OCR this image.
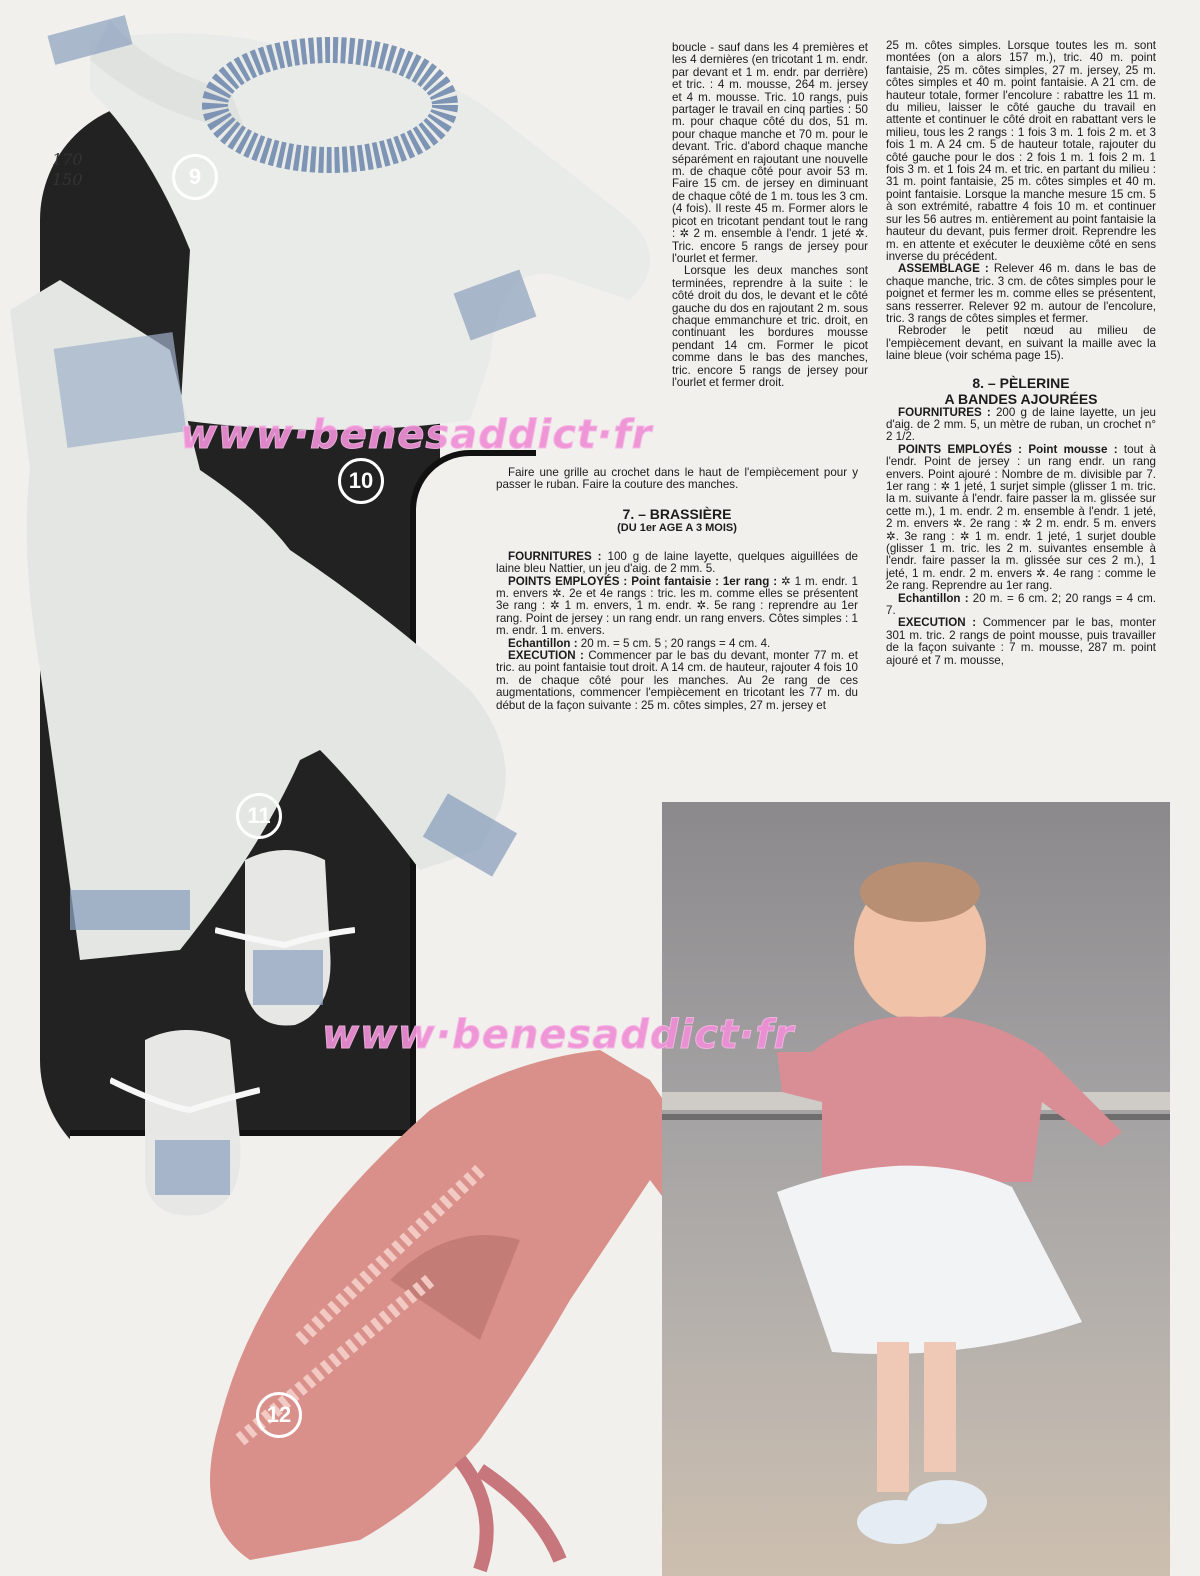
9
10
11
12
170
150
www·benesaddict·fr
www·benesaddict·fr

boucle - sauf dans les 4 premières et les 4 dernières (en tricotant 1 m. endr. par devant et 1 m. endr. par derrière) et tric. : 4 m. mousse, 264 m. jersey et 4 m. mousse. Tric. 10 rangs, puis partager le travail en cinq parties : 50 m. pour chaque côté du dos, 51 m. pour chaque manche et 70 m. pour le devant. Tric. d'abord chaque manche séparément en rajoutant une nouvelle m. de chaque côté pour avoir 53 m. Faire 15 cm. de jersey en diminuant de chaque côté de 1 m. tous les 3 cm. (4 fois). Il reste 45 m. Former alors le picot en tricotant pendant tout le rang : ✲ 2 m. ensemble à l'endr. 1 jeté ✲. Tric. encore 5 rangs de jersey pour l'ourlet et fermer.

Lorsque les deux manches sont terminées, reprendre à la suite : le côté droit du dos, le devant et le côté gauche du dos en rajoutant 2 m. sous chaque emmanchure et tric. droit, en continuant les bordures mousse pendant 14 cm. Former le picot comme dans le bas des manches, tric. encore 5 rangs de jersey pour l'ourlet et fermer droit.

Faire une grille au crochet dans le haut de l'empiècement pour y passer le ruban. Faire la couture des manches.

7. – BRASSIÈRE
(DU 1er AGE A 3 MOIS)

FOURNITURES : 100 g de laine layette, quelques aiguillées de laine bleu Nattier, un jeu d'aig. de 2 mm. 5.

POINTS EMPLOYÉS : Point fantaisie : 1er rang : ✲ 1 m. endr. 1 m. envers ✲. 2e et 4e rangs : tric. les m. comme elles se présentent 3e rang : ✲ 1 m. envers, 1 m. endr. ✲. 5e rang : reprendre au 1er rang. Point de jersey : un rang endr. un rang envers. Côtes simples : 1 m. endr. 1 m. envers.

Echantillon : 20 m. = 5 cm. 5 ; 20 rangs = 4 cm. 4.

EXECUTION : Commencer par le bas du devant, monter 77 m. et tric. au point fantaisie tout droit. A 14 cm. de hauteur, rajouter 4 fois 10 m. de chaque côté pour les manches. Au 2e rang de ces augmentations, commencer l'empiècement en tricotant les 77 m. du début de la façon suivante : 25 m. côtes simples, 27 m. jersey et

25 m. côtes simples. Lorsque toutes les m. sont montées (on a alors 157 m.), tric. 40 m. point fantaisie, 25 m. côtes simples, 27 m. jersey, 25 m. côtes simples et 40 m. point fantaisie. A 21 cm. de hauteur totale, former l'encolure : rabattre les 11 m. du milieu, laisser le côté gauche du travail en attente et continuer le côté droit en rabattant vers le milieu, tous les 2 rangs : 1 fois 3 m. 1 fois 2 m. et 3 fois 1 m. A 24 cm. 5 de hauteur totale, rajouter du côté gauche pour le dos : 2 fois 1 m. 1 fois 2 m. 1 fois 3 m. et 1 fois 24 m. et tric. en partant du milieu : 31 m. point fantaisie, 25 m. côtes simples et 40 m. point fantaisie. Lorsque la manche mesure 15 cm. 5 à son extrémité, rabattre 4 fois 10 m. et continuer sur les 56 autres m. entièrement au point fantaisie la hauteur du devant, puis fermer droit. Reprendre les m. en attente et exécuter le deuxième côté en sens inverse du précédent.

ASSEMBLAGE : Relever 46 m. dans le bas de chaque manche, tric. 3 cm. de côtes simples pour le poignet et fermer les m. comme elles se présentent, sans resserrer. Relever 92 m. autour de l'encolure, tric. 3 rangs de côtes simples et fermer.

Rebroder le petit nœud au milieu de l'empiècement devant, en suivant la maille avec la laine bleue (voir schéma page 15).

8. – PÈLERINE
A BANDES AJOURÉES

FOURNITURES : 200 g de laine layette, un jeu d'aig. de 2 mm. 5, un mètre de ruban, un crochet n° 2 1/2.

POINTS EMPLOYÉS : Point mousse : tout à l'endr. Point de jersey : un rang endr. un rang envers. Point ajouré : Nombre de m. divisible par 7. 1er rang : ✲ 1 jeté, 1 surjet simple (glisser 1 m. tric. la m. suivante à l'endr. faire passer la m. glissée sur cette m.), 1 m. endr. 2 m. ensemble à l'endr. 1 jeté, 2 m. envers ✲. 2e rang : ✲ 2 m. endr. 5 m. envers ✲. 3e rang : ✲ 1 m. endr. 1 jeté, 1 surjet double (glisser 1 m. tric. les 2 m. suivantes ensemble à l'endr. faire passer la m. glissée sur ces 2 m.), 1 jeté, 1 m. endr. 2 m. envers ✲. 4e rang : comme le 2e rang. Reprendre au 1er rang.

Echantillon : 20 m. = 6 cm. 2; 20 rangs = 4 cm. 7.

EXECUTION : Commencer par le bas, monter 301 m. tric. 2 rangs de point mousse, puis travailler de la façon suivante : 7 m. mousse, 287 m. point ajouré et 7 m. mousse,
